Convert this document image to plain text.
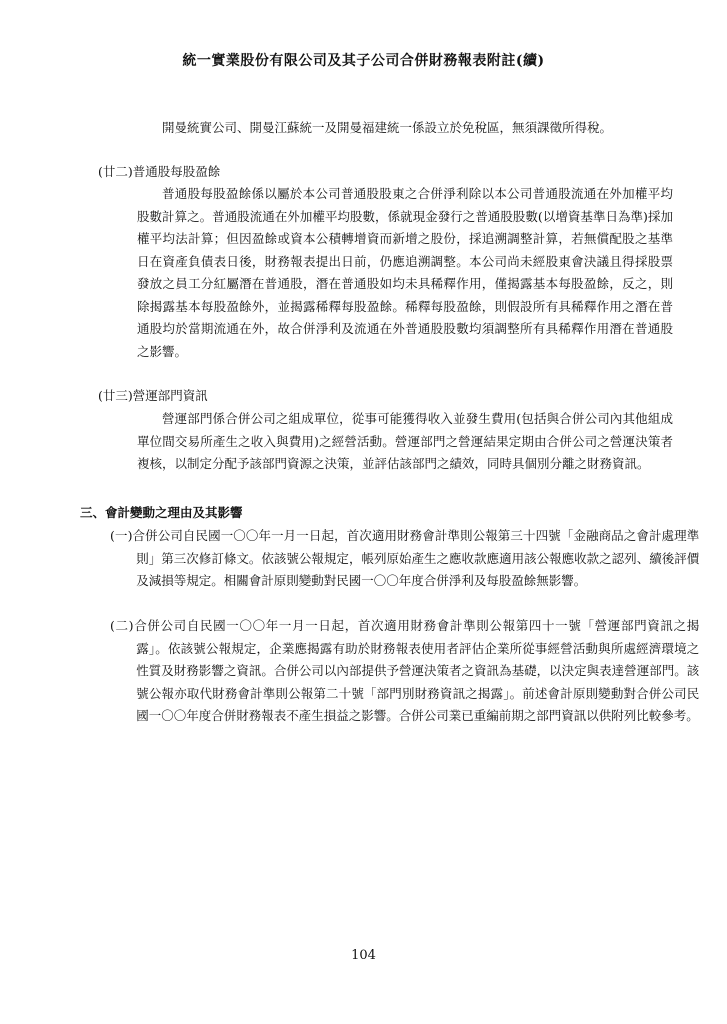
統一實業股份有限公司及其子公司合併財務報表附註(續)
開曼統實公司、開曼江蘇統一及開曼福建統一係設立於免稅區，無須課徵所得稅。
(廿二)普通股每股盈餘
普通股每股盈餘係以屬於本公司普通股股東之合併淨利除以本公司普通股流通在外加權平均股數計算之。普通股流通在外加權平均股數，係就現金發行之普通股股數(以增資基準日為準)採加權平均法計算；但因盈餘或資本公積轉增資而新增之股份，採追溯調整計算，若無償配股之基準日在資產負債表日後，財務報表提出日前，仍應追溯調整。本公司尚未經股東會決議且得採股票發放之員工分紅屬潛在普通股，潛在普通股如均未具稀釋作用，僅揭露基本每股盈餘，反之，則除揭露基本每股盈餘外，並揭露稀釋每股盈餘。稀釋每股盈餘，則假設所有具稀釋作用之潛在普通股均於當期流通在外，故合併淨利及流通在外普通股股數均須調整所有具稀釋作用潛在普通股之影響。
(廿三)營運部門資訊
營運部門係合併公司之組成單位，從事可能獲得收入並發生費用(包括與合併公司內其他組成單位間交易所產生之收入與費用)之經營活動。營運部門之營運結果定期由合併公司之營運決策者複核，以制定分配予該部門資源之決策，並評估該部門之績效，同時具個別分離之財務資訊。
三、會計變動之理由及其影響
(一)合併公司自民國一〇〇年一月一日起，首次適用財務會計準則公報第三十四號「金融商品之會計處理準則」第三次修訂條文。依該號公報規定，帳列原始產生之應收款應適用該公報應收款之認列、續後評價及減損等規定。相關會計原則變動對民國一〇〇年度合併淨利及每股盈餘無影響。
(二)合併公司自民國一〇〇年一月一日起，首次適用財務會計準則公報第四十一號「營運部門資訊之揭露」。依該號公報規定，企業應揭露有助於財務報表使用者評估企業所從事經營活動與所處經濟環境之性質及財務影響之資訊。合併公司以內部提供予營運決策者之資訊為基礎，以決定與表達營運部門。該號公報亦取代財務會計準則公報第二十號「部門別財務資訊之揭露」。前述會計原則變動對合併公司民國一〇〇年度合併財務報表不產生損益之影響。合併公司業已重編前期之部門資訊以供附列比較參考。
104
